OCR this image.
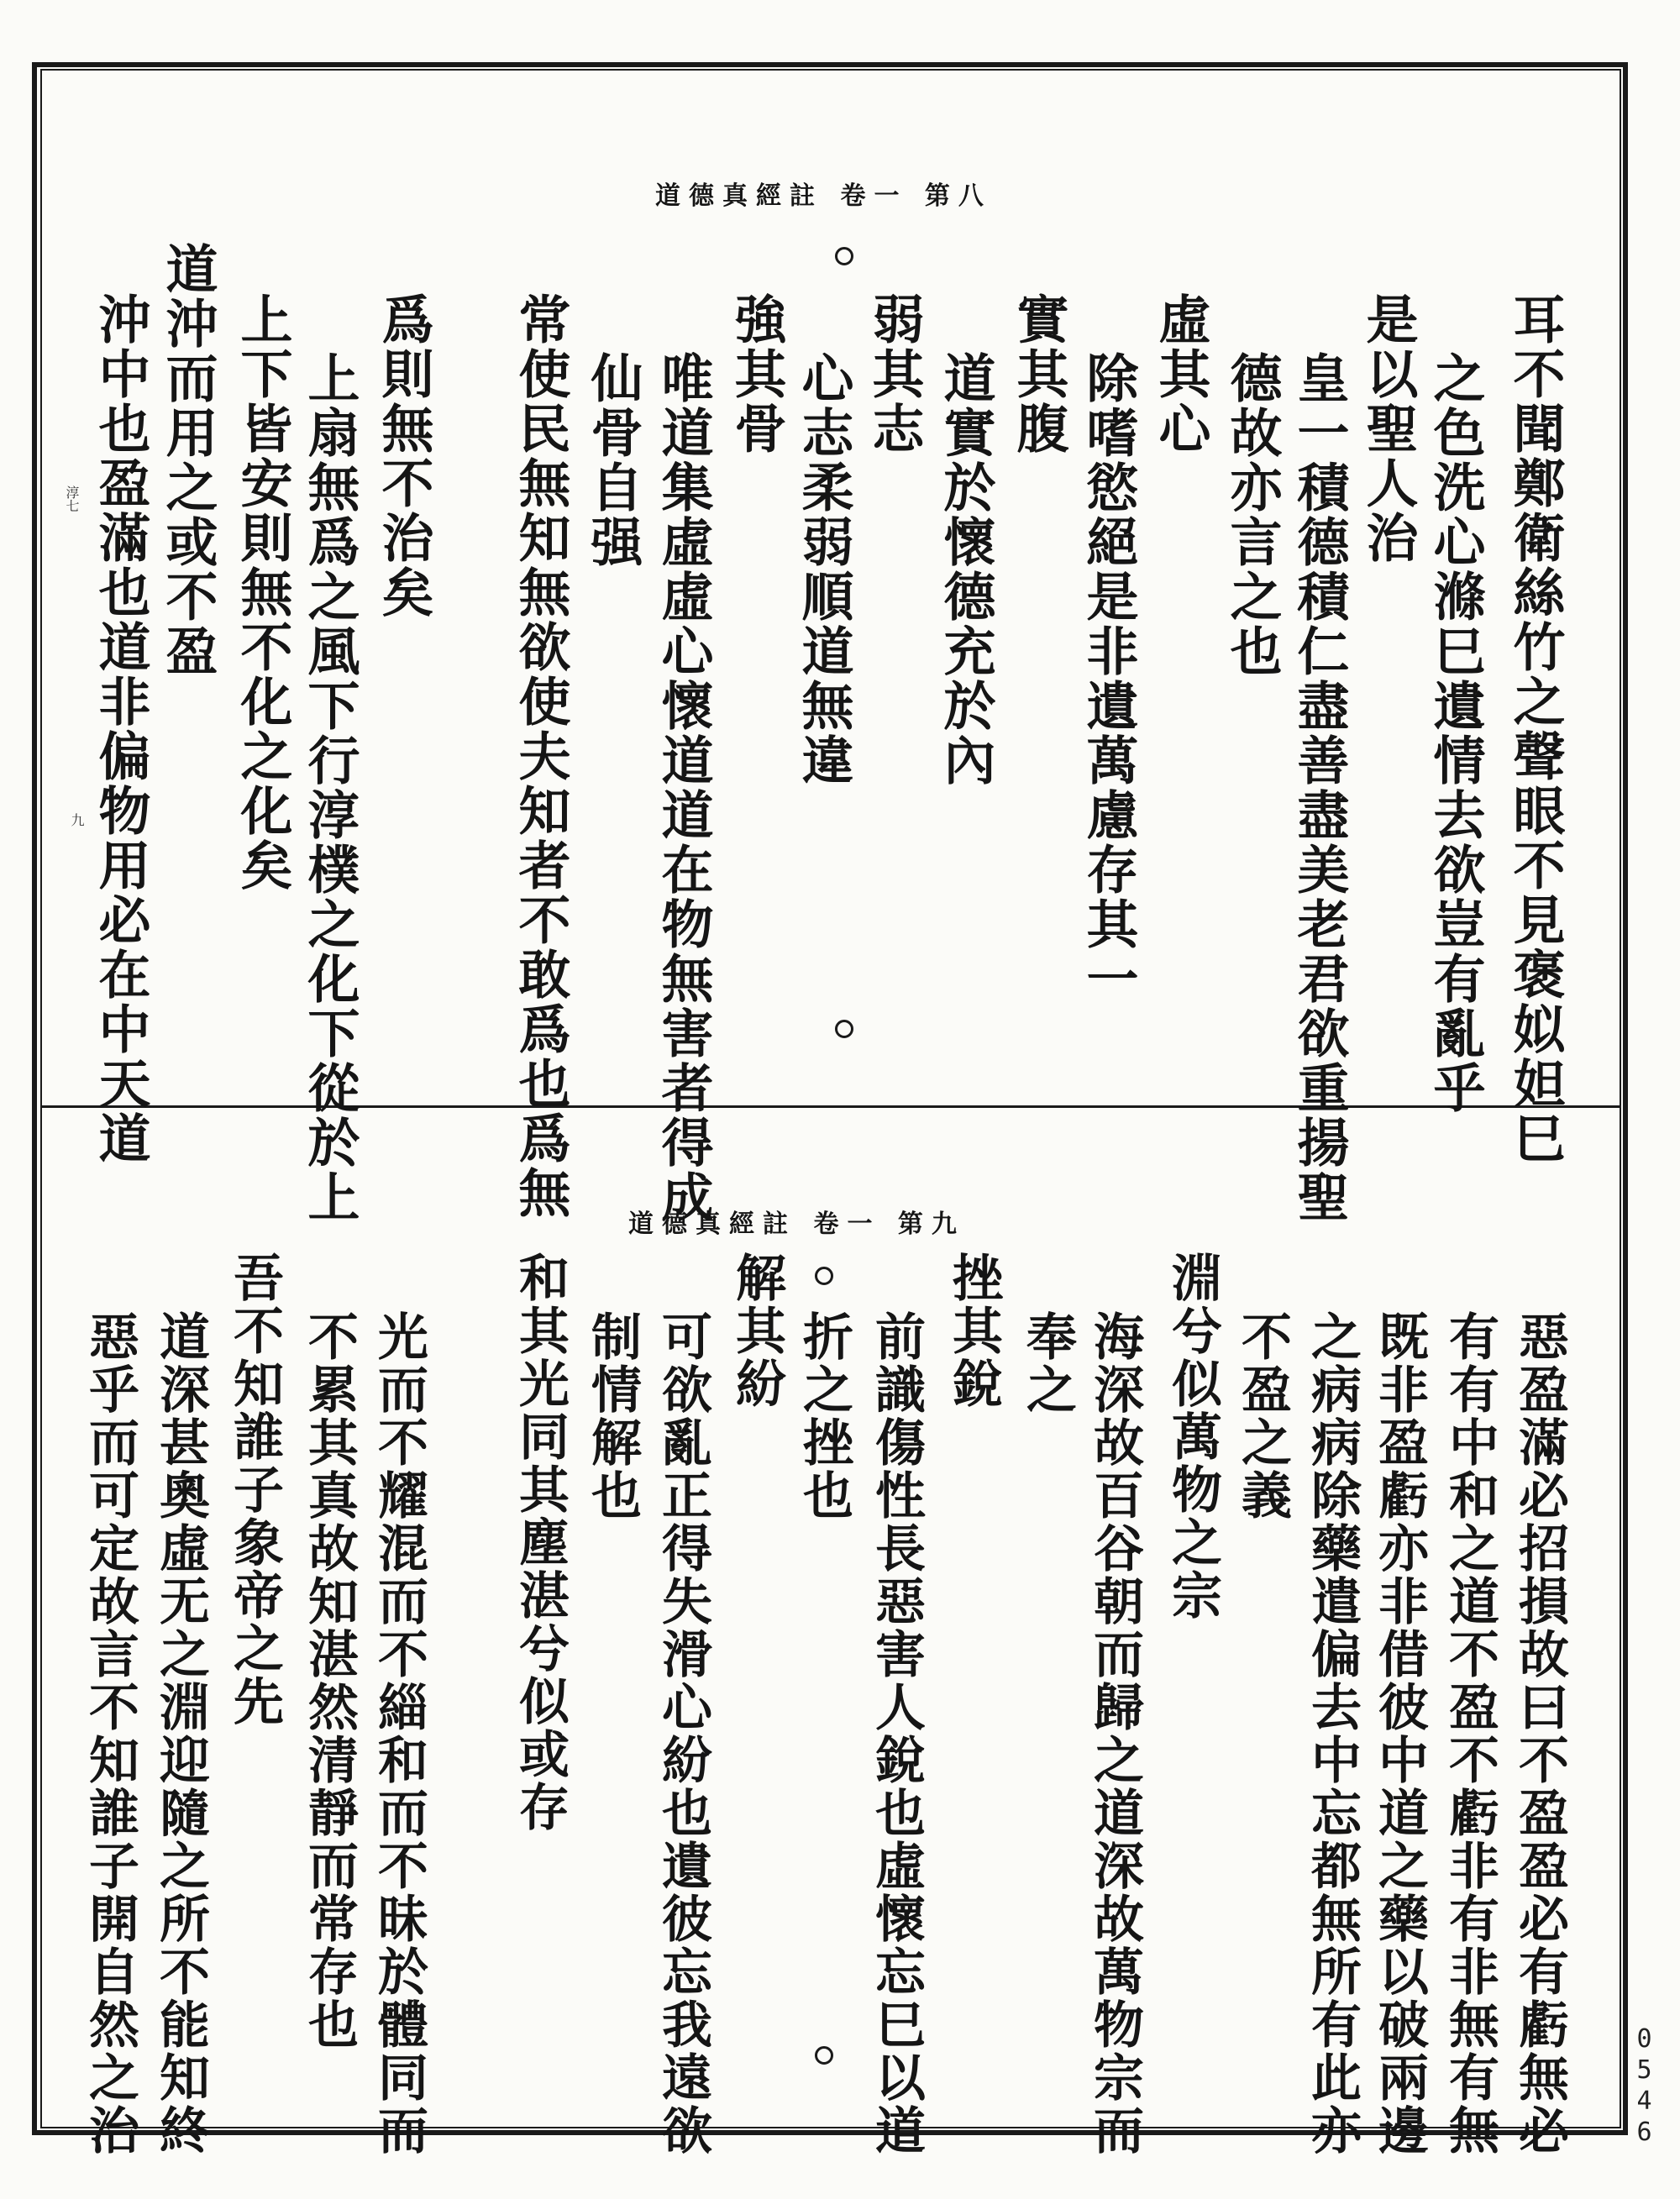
道德真經註 卷一 第八
耳不聞鄭衛絲竹之聲眼不見褒姒妲巳
之色洗心滌巳遺情去欲豈有亂乎
是以聖人治
皇一積德積仁盡善盡美老君欲重揚聖
德故亦言之也
虛其心
除嗜慾絕是非遺萬慮存其一
實其腹
道實於懷德充於內
弱其志
心志柔弱順道無違
強其骨
唯道集虛虛心懷道道在物無害者得成
仙骨自强
常使民無知無欲使夫知者不敢爲也爲無
爲則無不治矣
上扇無爲之風下行淳樸之化下從於上
上下皆安則無不化之化矣
道沖而用之或不盈
沖中也盈滿也道非偏物用必在中天道
淳七
九
道德真經註 卷一 第九
惡盈滿必招損故曰不盈盈必有虧無必
有有中和之道不盈不虧非有非無有無
既非盈虧亦非借彼中道之藥以破兩邊
之病病除藥遣偏去中忘都無所有此亦
不盈之義
淵兮似萬物之宗
海深故百谷朝而歸之道深故萬物宗而
奉之
挫其銳
前識傷性長惡害人銳也虛懷忘巳以道
折之挫也
解其紛
可欲亂正得失滑心紛也遺彼忘我遠欲
制情解也
和其光同其塵湛兮似或存
光而不耀混而不緇和而不昧於體同而
不累其真故知湛然清靜而常存也
吾不知誰子象帝之先
道深甚奧虛无之淵迎隨之所不能知終
惡乎而可定故言不知誰子開自然之治	0546
